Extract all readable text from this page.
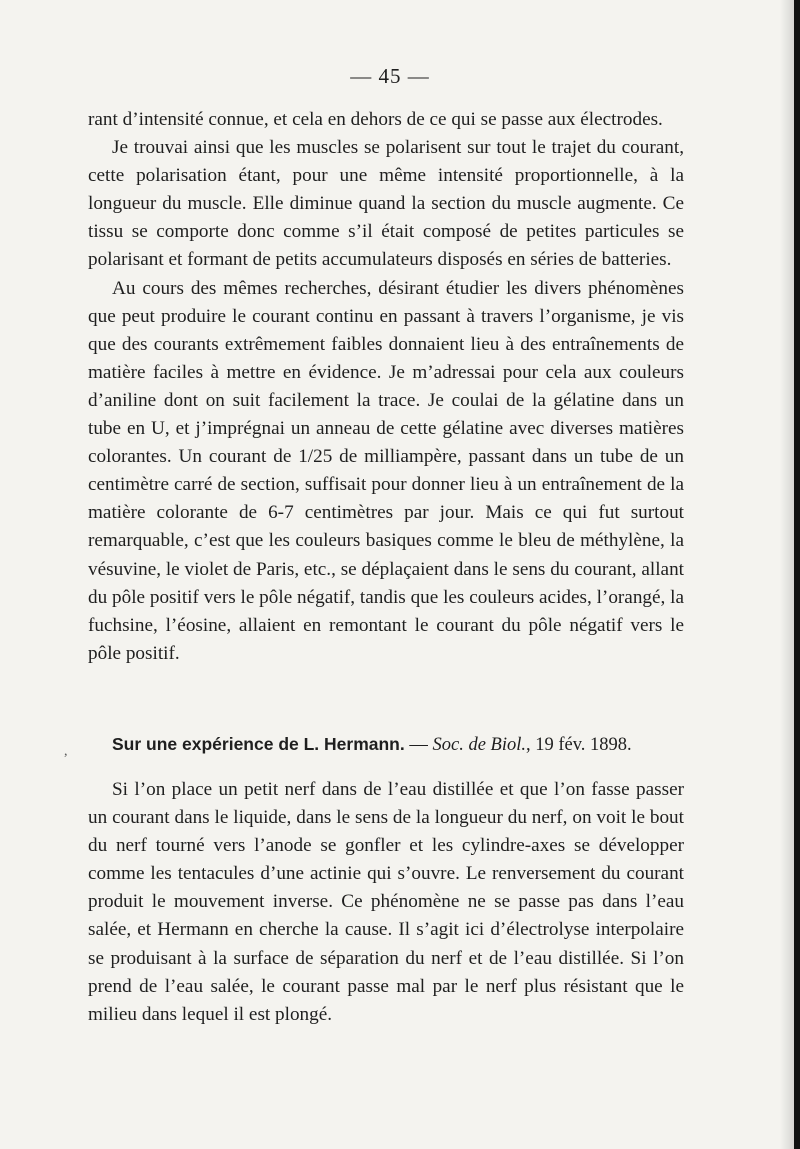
— 45 —

rant d’intensité connue, et cela en dehors de ce qui se passe aux électrodes.

Je trouvai ainsi que les muscles se polarisent sur tout le trajet du courant, cette polarisation étant, pour une même intensité proportionnelle, à la longueur du muscle. Elle diminue quand la section du muscle augmente. Ce tissu se comporte donc comme s’il était composé de petites particules se polarisant et formant de petits accumulateurs disposés en séries de batteries.

Au cours des mêmes recherches, désirant étudier les divers phénomènes que peut produire le courant continu en passant à travers l’organisme, je vis que des courants extrêmement faibles donnaient lieu à des entraînements de matière faciles à mettre en évidence. Je m’adressai pour cela aux couleurs d’aniline dont on suit facilement la trace. Je coulai de la gélatine dans un tube en U, et j’imprégnai un anneau de cette gélatine avec diverses matières colorantes. Un courant de 1/25 de milliampère, passant dans un tube de un centimètre carré de section, suffisait pour donner lieu à un entraînement de la matière colorante de 6-7 centimètres par jour. Mais ce qui fut surtout remarquable, c’est que les couleurs basiques comme le bleu de méthylène, la vésuvine, le violet de Paris, etc., se déplaçaient dans le sens du courant, allant du pôle positif vers le pôle négatif, tandis que les couleurs acides, l’orangé, la fuchsine, l’éosine, allaient en remontant le courant du pôle négatif vers le pôle positif.

,	Sur une expérience de L. Hermann. — Soc. de Biol., 19 fév. 1898.

Si l’on place un petit nerf dans de l’eau distillée et que l’on fasse passer un courant dans le liquide, dans le sens de la longueur du nerf, on voit le bout du nerf tourné vers l’anode se gonfler et les cylindre-axes se développer comme les tentacules d’une actinie qui s’ouvre. Le renversement du courant produit le mouvement inverse. Ce phénomène ne se passe pas dans l’eau salée, et Hermann en cherche la cause. Il s’agit ici d’électrolyse interpolaire se produisant à la surface de séparation du nerf et de l’eau distillée. Si l’on prend de l’eau salée, le courant passe mal par le nerf plus résistant que le milieu dans lequel il est plongé.
